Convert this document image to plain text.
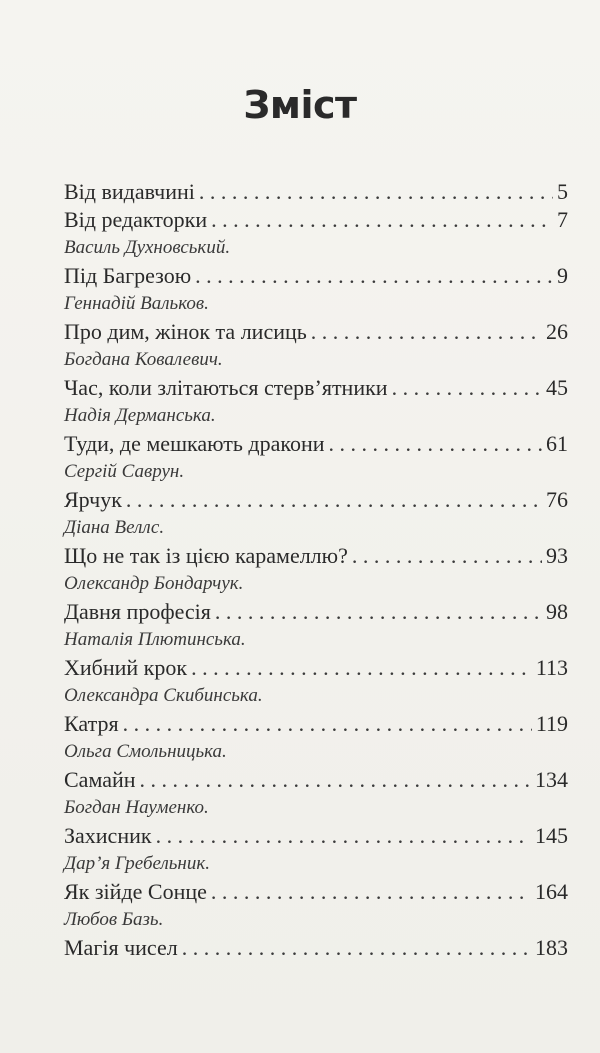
Зміст
Від видавчині . . .	5
Від редакторки . . .	7
Василь Духновський.
Під Багрезою . . .	9
Геннадій Вальков.
Про дим, жінок та лисиць . . .	26
Богдана Ковалевич.
Час, коли злітаються стерв’ятники . . .	45
Надія Дерманська.
Туди, де мешкають дракони . . .	61
Сергій Саврун.
Ярчук . . .	76
Діана Веллс.
Що не так із цією карамеллю? . . .	93
Олександр Бондарчук.
Давня професія . . .	98
Наталія Плютинська.
Хибний крок . . .	113
Олександра Скибинська.
Катря . . .	119
Ольга Смольницька.
Самайн . . .	134
Богдан Науменко.
Захисник . . .	145
Дар’я Гребельник.
Як зійде Сонце . . .	164
Любов Базь.
Магія чисел . . .	183
